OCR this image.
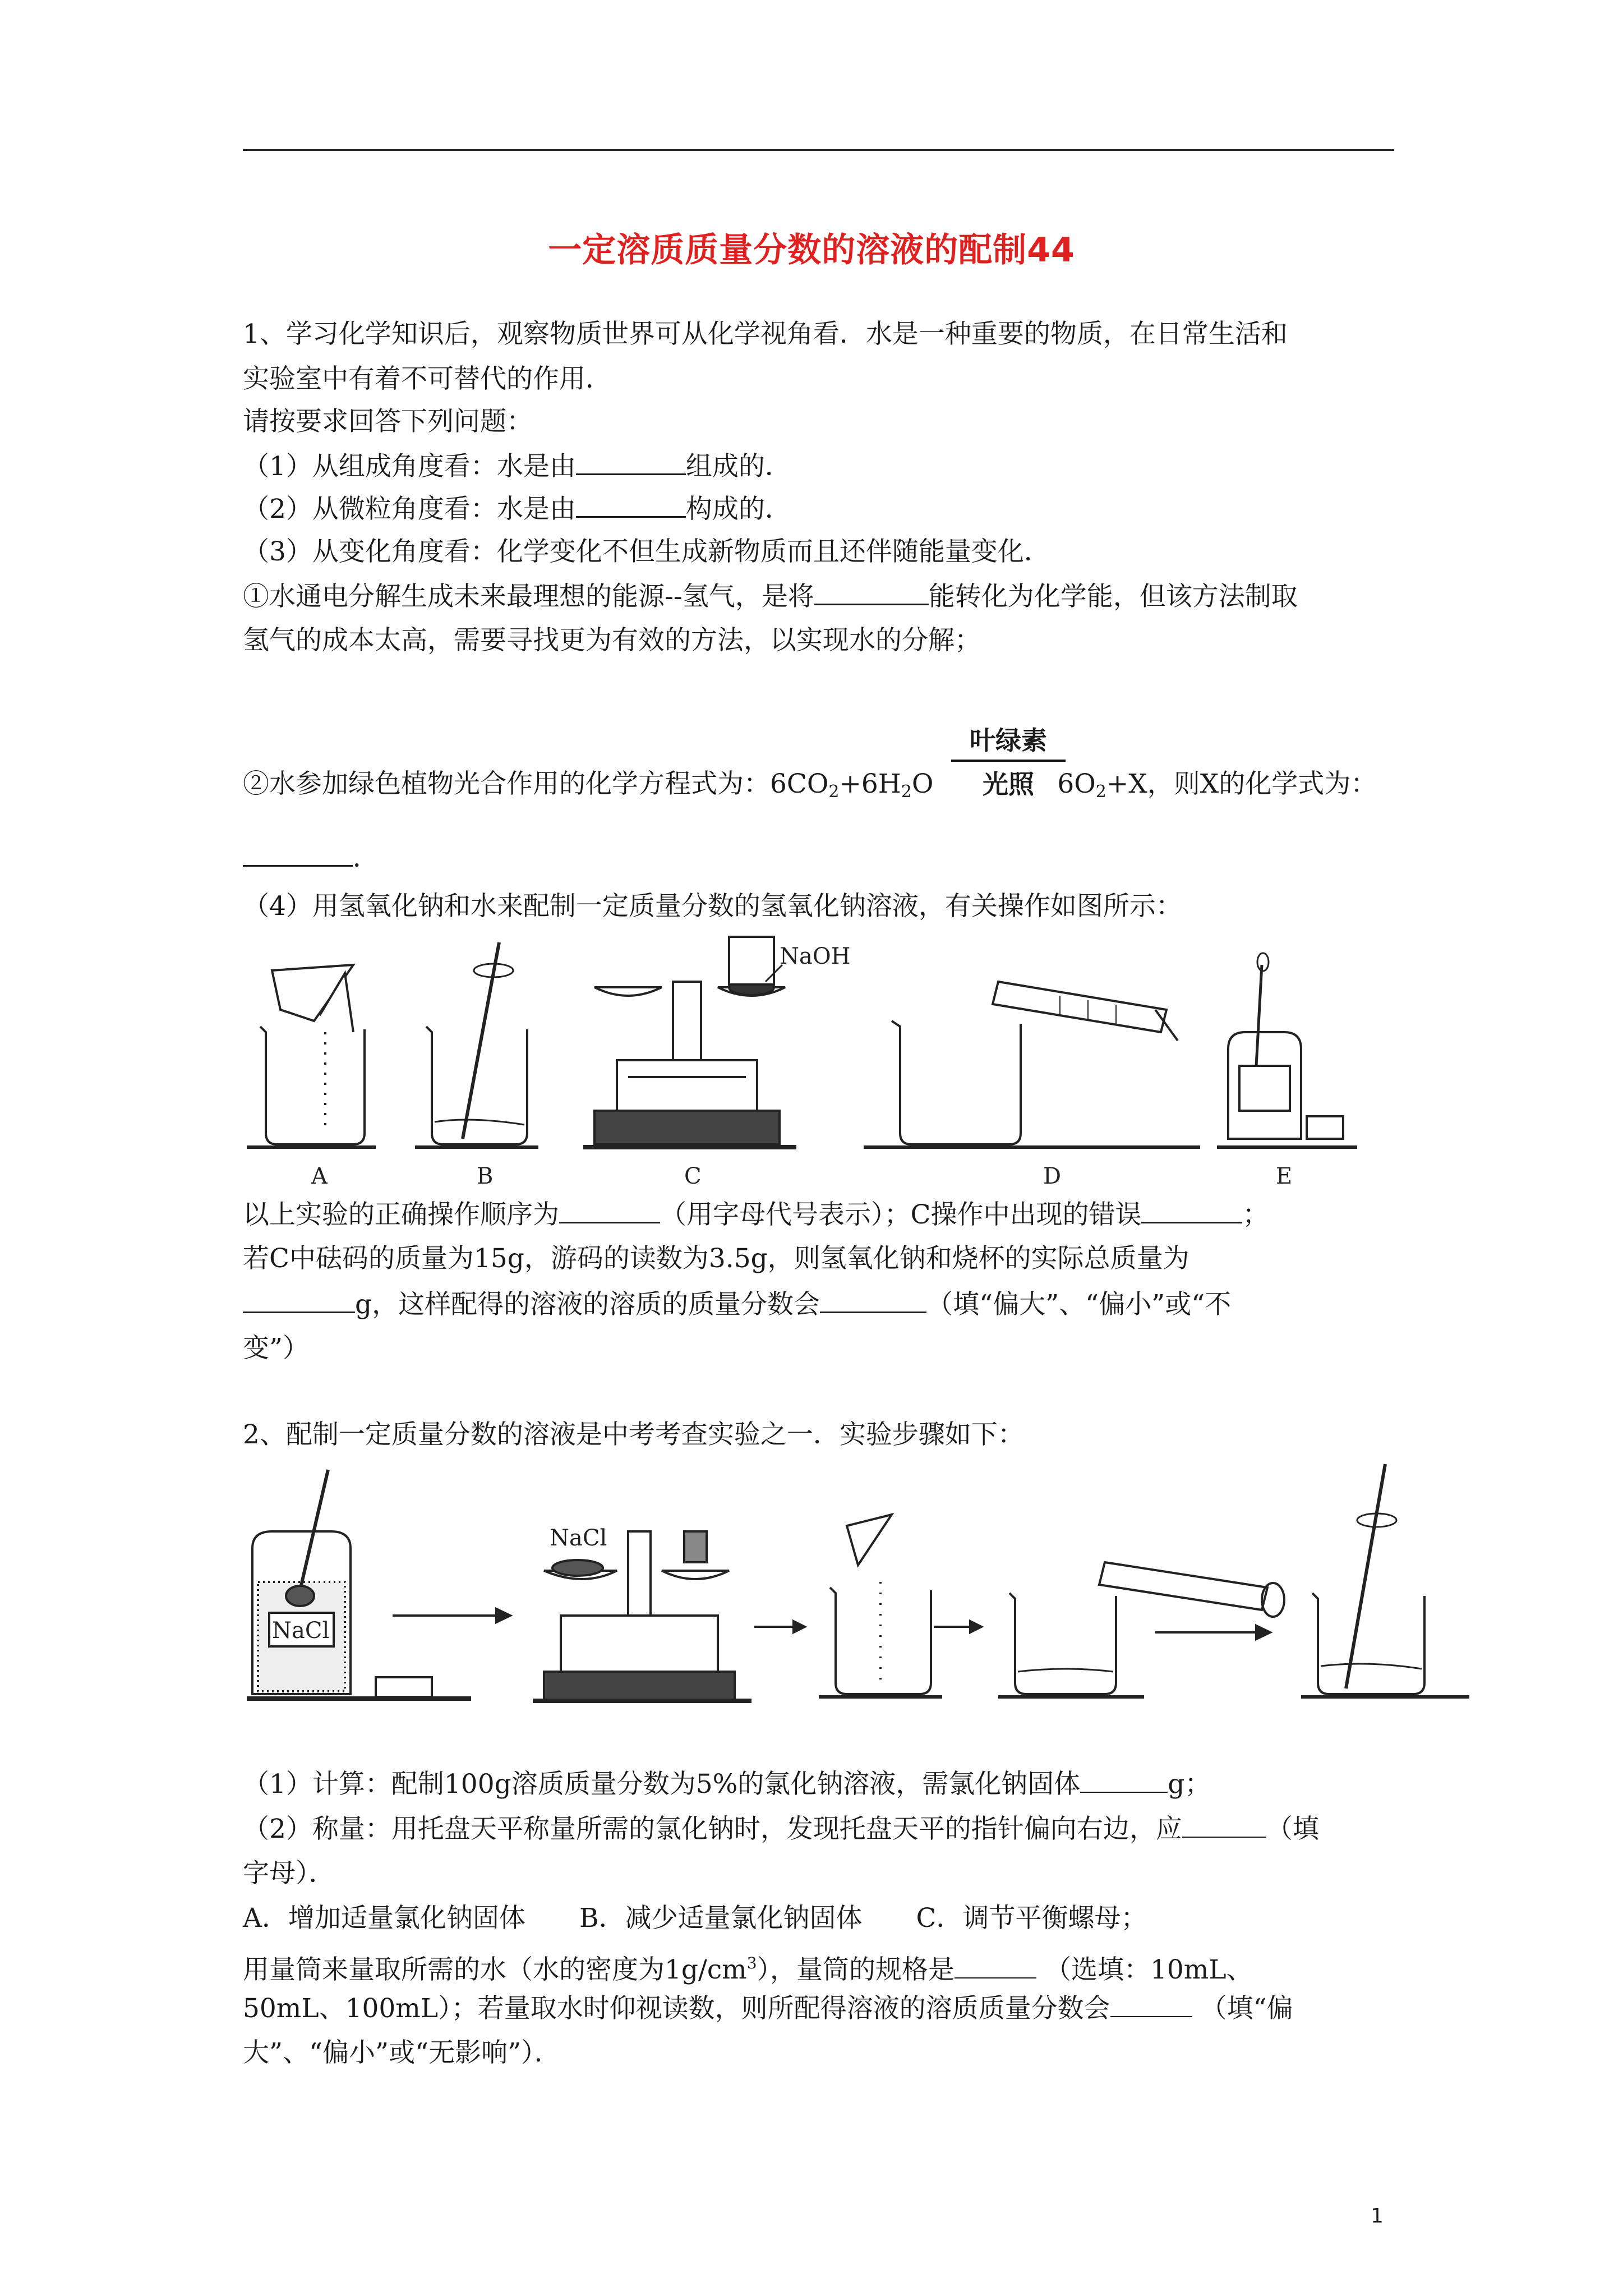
一定溶质质量分数的溶液的配制44
1、学习化学知识后，观察物质世界可从化学视角看．水是一种重要的物质，在日常生活和
实验室中有着不可替代的作用．
请按要求回答下列问题：
（1）从组成角度看：水是由	组成的．
（2）从微粒角度看：水是由	构成的．
（3）从变化角度看：化学变化不但生成新物质而且还伴随能量变化．
①水通电分解生成未来最理想的能源--氢气，是将	能转化为化学能，但该方法制取
氢气的成本太高，需要寻找更为有效的方法，以实现水的分解；
叶绿素
光照
②水参加绿色植物光合作用的化学方程式为：$6CO_2+6H_2O$	$6O_2+X$，则X的化学式为：
．
（4）用氢氧化钠和水来配制一定质量分数的氢氧化钠溶液，有关操作如图所示：
A	B	C	D	E
NaOH
以上实验的正确操作顺序为	（用字母代号表示）；C操作中出现的错误	；
若C中砝码的质量为15g，游码的读数为3.5g，则氢氧化钠和烧杯的实际总质量为
g，这样配得的溶液的溶质的质量分数会	（填“偏大”、“偏小”或“不
变”）
2、配制一定质量分数的溶液是中考考查实验之一．实验步骤如下：
NaCl
NaCl
（1）计算：配制100g溶质质量分数为5%的氯化钠溶液，需氯化钠固体	g；
（2）称量：用托盘天平称量所需的氯化钠时，发现托盘天平的指针偏向右边，应	（填
字母）．
A．增加适量氯化钠固体 B．减少适量氯化钠固体 C．调节平衡螺母；
用量筒来量取所需的水（水的密度为$1g/cm^3$），量筒的规格是	（选填：10mL、
50mL、100mL）；若量取水时仰视读数，则所配得溶液的溶质质量分数会	（填“偏
大”、“偏小”或“无影响”）．
1
